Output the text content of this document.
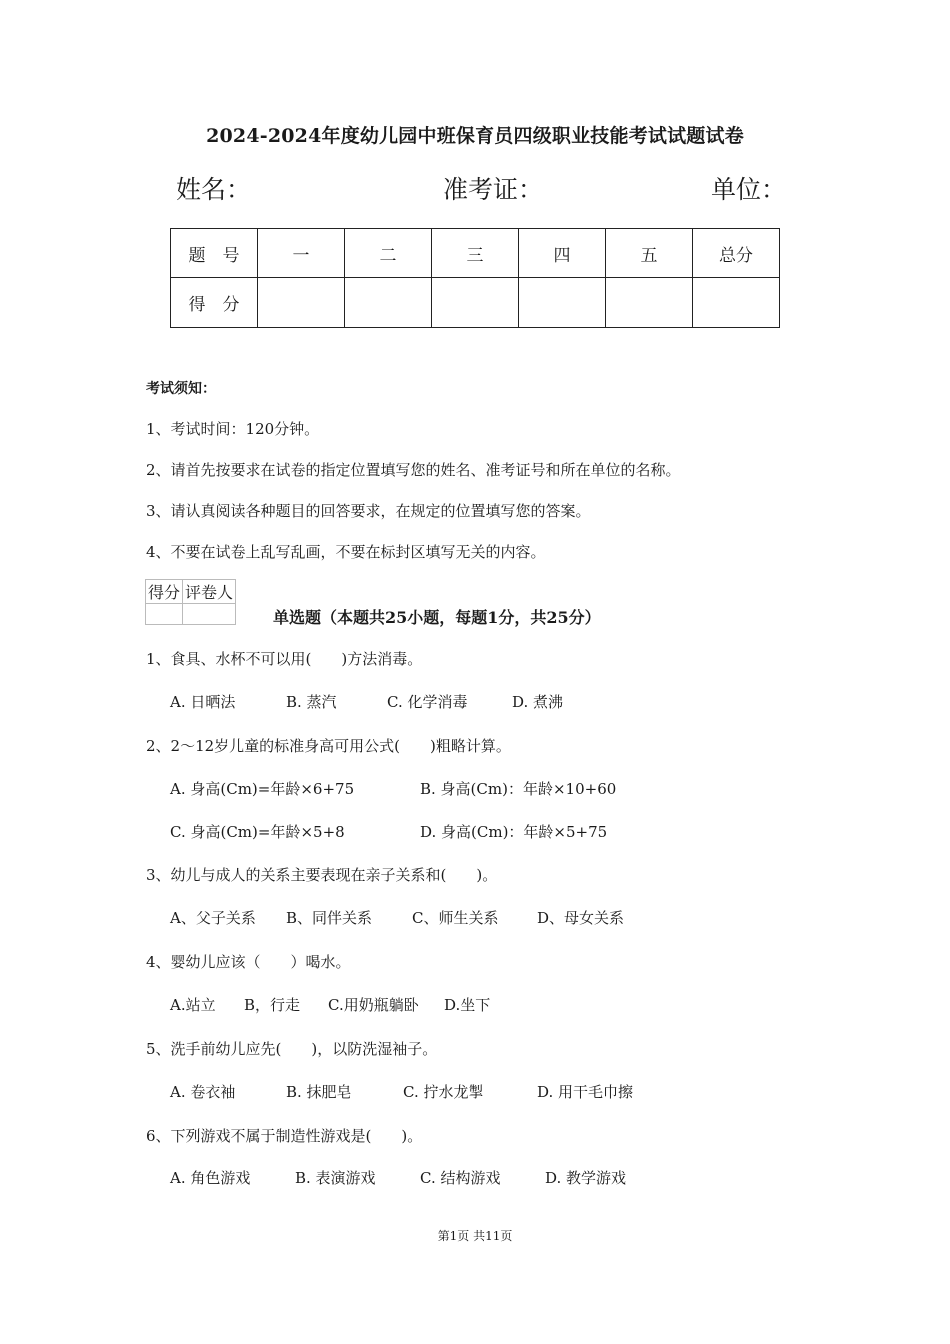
2024-2024年度幼儿园中班保育员四级职业技能考试试题试卷
姓名：	准考证：	单位：
题　号	一	二	三	四	五	总分
得　分						
考试须知：
1、考试时间：120分钟。
2、请首先按要求在试卷的指定位置填写您的姓名、准考证号和所在单位的名称。
3、请认真阅读各种题目的回答要求，在规定的位置填写您的答案。
4、不要在试卷上乱写乱画，不要在标封区填写无关的内容。
得分	评卷人

单选题（本题共25小题，每题1分，共25分）
1、食具、水杯不可以用(　　)方法消毒。
A. 日晒法	B. 蒸汽	C. 化学消毒	D. 煮沸
2、2～12岁儿童的标准身高可用公式(　　)粗略计算。
A. 身高(Cm)=年龄×6+75	B. 身高(Cm)：年龄×10+60
C. 身高(Cm)=年龄×5+8	D. 身高(Cm)：年龄×5+75
3、幼儿与成人的关系主要表现在亲子关系和(　　)。
A、父子关系 B、同伴关系	C、师生关系	D、母女关系
4、婴幼儿应该（　　）喝水。
A.站立 B，行走 C.用奶瓶躺卧 D.坐下
5、洗手前幼儿应先(　　)，以防洗湿袖子。
A. 卷衣袖	B. 抹肥皂	C. 拧水龙掣	D. 用干毛巾擦
6、下列游戏不属于制造性游戏是(　　)。
A. 角色游戏	B. 表演游戏	C. 结构游戏	D. 教学游戏
第1页 共11页
